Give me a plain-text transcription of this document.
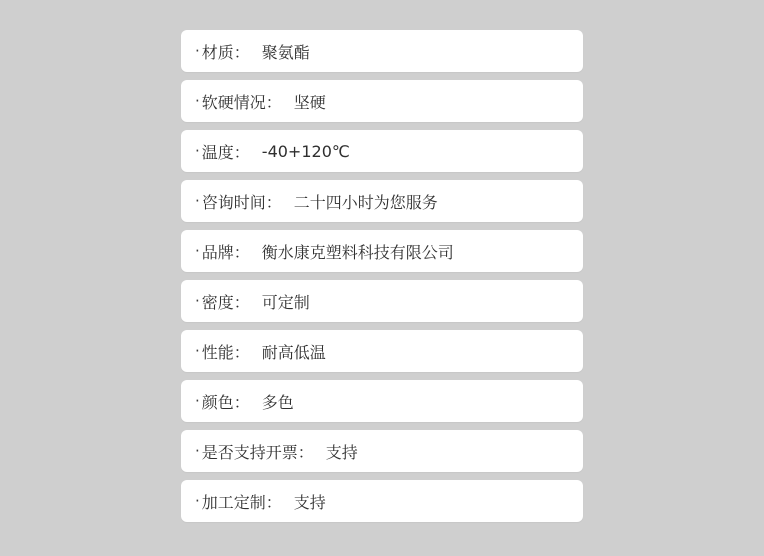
· 材质： 聚氨酯
· 软硬情况： 坚硬
· 温度： -40+120℃
· 咨询时间： 二十四小时为您服务
· 品牌： 衡水康克塑料科技有限公司
· 密度： 可定制
· 性能： 耐高低温
· 颜色： 多色
· 是否支持开票： 支持
· 加工定制： 支持
